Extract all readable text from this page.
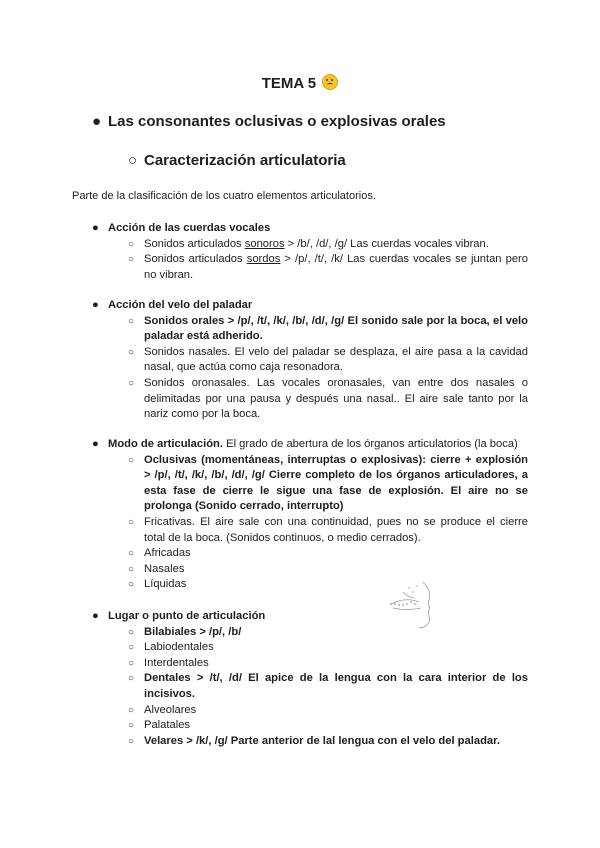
TEMA 5
● Las consonantes oclusivas o explosivas orales
○ Caracterización articulatoria
Parte de la clasificación de los cuatro elementos articulatorios.
● Acción de las cuerdas vocales
○ Sonidos articulados sonoros > /b/, /d/, /g/ Las cuerdas vocales vibran.
○ Sonidos articulados sordos > /p/, /t/, /k/ Las cuerdas vocales se juntan pero no vibran.
● Acción del velo del paladar
○ Sonidos orales > /p/, /t/, /k/, /b/, /d/, /g/ El sonido sale por la boca, el velo paladar está adherido.
○ Sonidos nasales. El velo del paladar se desplaza, el aire pasa a la cavidad nasal, que actúa como caja resonadora.
○ Sonidos oronasales. Las vocales oronasales, van entre dos nasales o delimitadas por una pausa y después una nasal.. El aire sale tanto por la nariz como por la boca.
● Modo de articulación. El grado de abertura de los órganos articulatorios (la boca)
○ Oclusivas (momentáneas, interruptas o explosivas): cierre + explosión > /p/, /t/, /k/, /b/, /d/, /g/ Cierre completo de los órganos articuladores, a esta fase de cierre le sigue una fase de explosión. El aire no se prolonga (Sonido cerrado, interrupto)
○ Fricativas. El aire sale con una continuidad, pues no se produce el cierre total de la boca. (Sonidos continuos, o medio cerrados).
○ Africadas
○ Nasales
○ Líquidas
● Lugar o punto de articulación
○ Bilabiales > /p/, /b/
○ Labiodentales
○ Interdentales
○ Dentales > /t/, /d/ El apice de la lengua con la cara interior de los incisivos.
○ Alveolares
○ Palatales
○ Velares > /k/, /g/ Parte anterior de lal lengua con el velo del paladar.
